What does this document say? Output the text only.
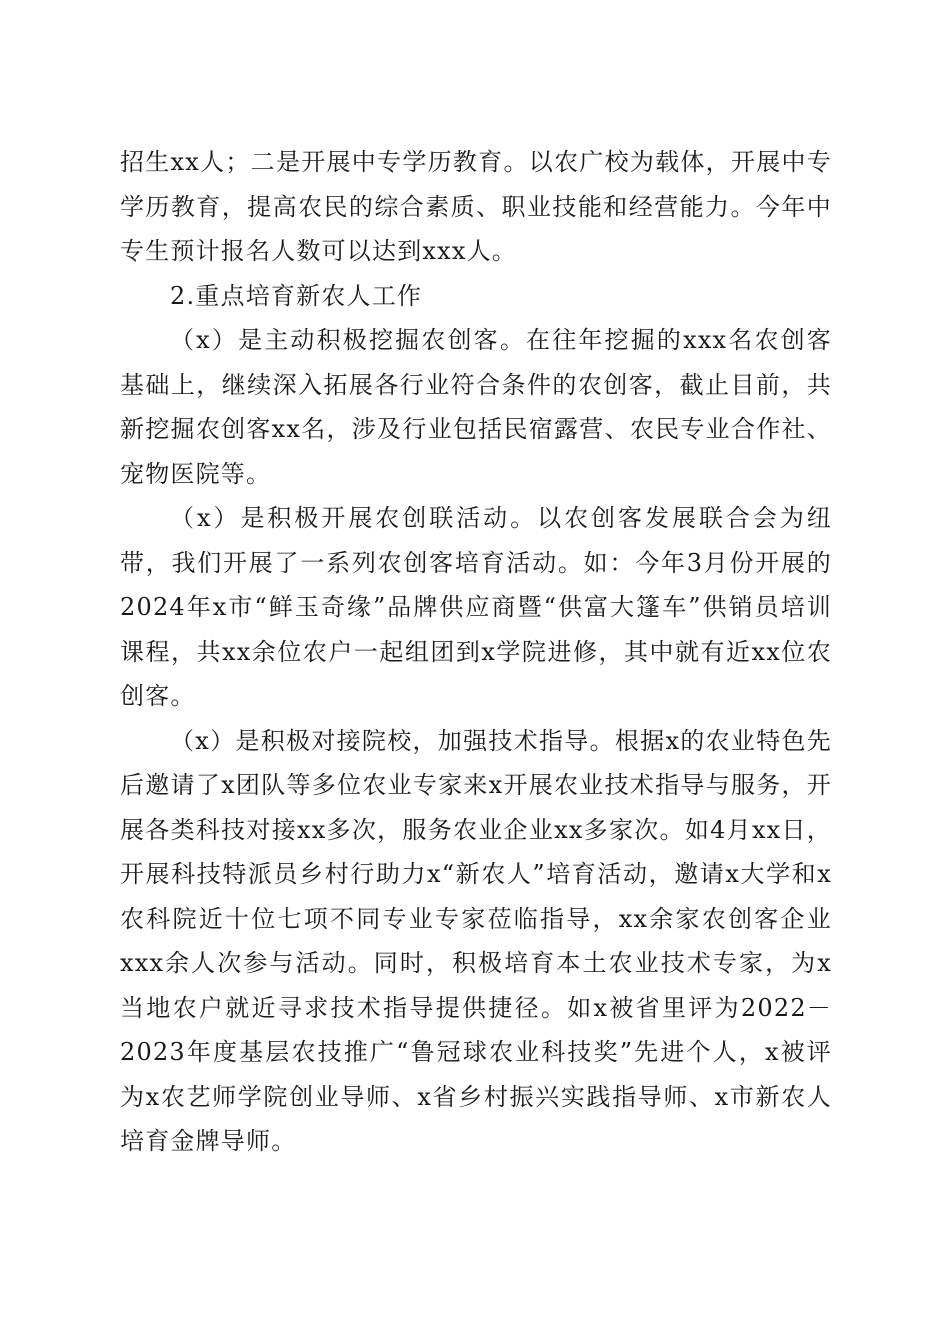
招生xx人；二是开展中专学历教育。以农广校为载体，开展中专学历教育，提高农民的综合素质、职业技能和经营能力。今年中专生预计报名人数可以达到xxx人。

2.重点培育新农人工作

（x）是主动积极挖掘农创客。在往年挖掘的xxx名农创客基础上，继续深入拓展各行业符合条件的农创客，截止目前，共新挖掘农创客xx名，涉及行业包括民宿露营、农民专业合作社、宠物医院等。

（x）是积极开展农创联活动。以农创客发展联合会为纽带，我们开展了一系列农创客培育活动。如：今年3月份开展的2024年x市“鲜玉奇缘”品牌供应商暨“供富大篷车”供销员培训课程，共xx余位农户一起组团到x学院进修，其中就有近xx位农创客。

（x）是积极对接院校，加强技术指导。根据x的农业特色先后邀请了x团队等多位农业专家来x开展农业技术指导与服务，开展各类科技对接xx多次，服务农业企业xx多家次。如4月xx日，开展科技特派员乡村行助力x“新农人”培育活动，邀请x大学和x农科院近十位七项不同专业专家莅临指导，xx余家农创客企业xxx余人次参与活动。同时，积极培育本土农业技术专家，为x当地农户就近寻求技术指导提供捷径。如x被省里评为2022－2023年度基层农技推广“鲁冠球农业科技奖”先进个人，x被评为x农艺师学院创业导师、x省乡村振兴实践指导师、x市新农人培育金牌导师。
